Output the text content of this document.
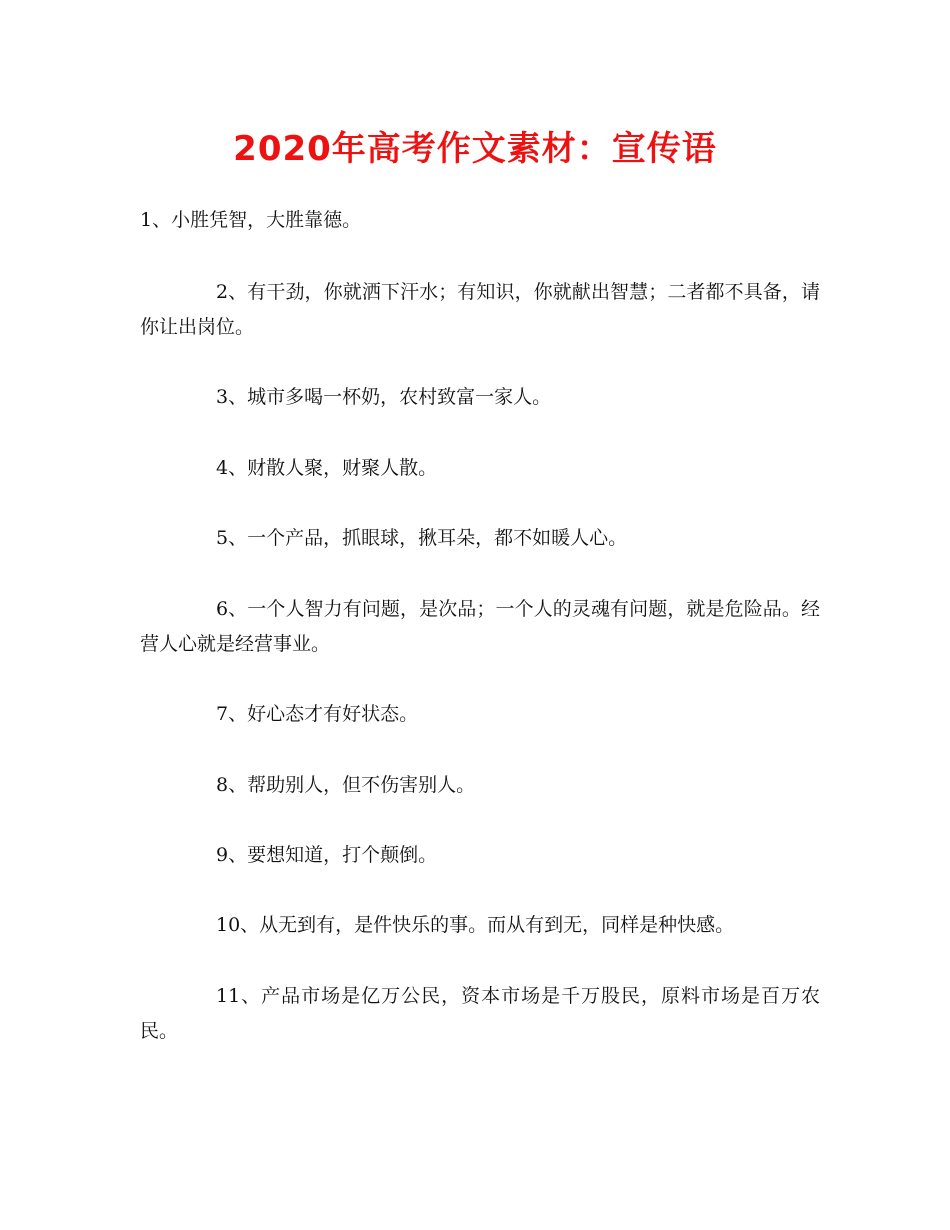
2020年高考作文素材：宣传语

1、小胜凭智，大胜靠德。

2、有干劲，你就洒下汗水；有知识，你就献出智慧；二者都不具备，请你让出岗位。

3、城市多喝一杯奶，农村致富一家人。

4、财散人聚，财聚人散。

5、一个产品，抓眼球，揪耳朵，都不如暖人心。

6、一个人智力有问题，是次品；一个人的灵魂有问题，就是危险品。经营人心就是经营事业。

7、好心态才有好状态。

8、帮助别人，但不伤害别人。

9、要想知道，打个颠倒。

10、从无到有，是件快乐的事。而从有到无，同样是种快感。

11、产品市场是亿万公民，资本市场是千万股民，原料市场是百万农民。
